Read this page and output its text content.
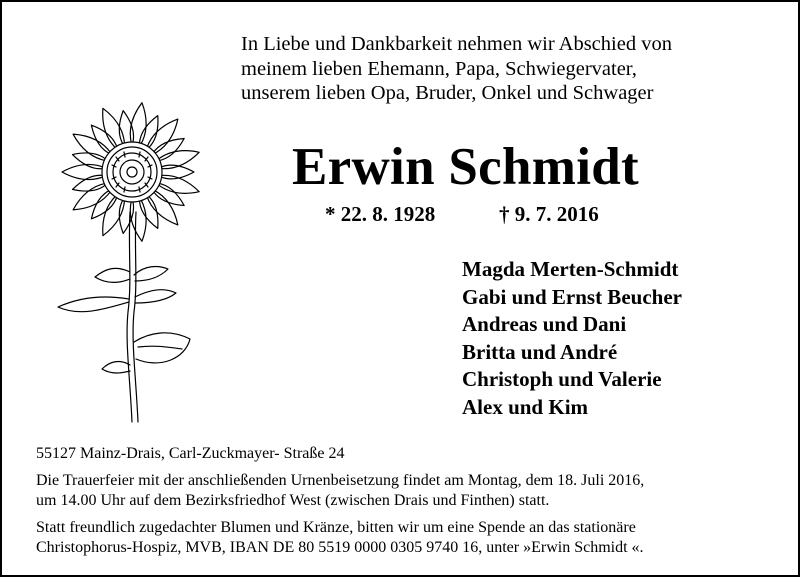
In Liebe und Dankbarkeit nehmen wir Abschied von
meinem lieben Ehemann, Papa, Schwiegervater,
unserem lieben Opa, Bruder, Onkel und Schwager
Erwin Schmidt
* 22. 8. 1928	† 9. 7. 2016
Magda Merten-Schmidt
Gabi und Ernst Beucher
Andreas und Dani
Britta und André
Christoph und Valerie
Alex und Kim

55127 Mainz-Drais, Carl-Zuckmayer- Straße 24

Die Trauerfeier mit der anschließenden Urnenbeisetzung findet am Montag, dem 18. Juli 2016,
um 14.00 Uhr auf dem Bezirksfriedhof West (zwischen Drais und Finthen) statt.

Statt freundlich zugedachter Blumen und Kränze, bitten wir um eine Spende an das stationäre
Christophorus-Hospiz, MVB, IBAN DE 80 5519 0000 0305 9740 16, unter »Erwin Schmidt «.
